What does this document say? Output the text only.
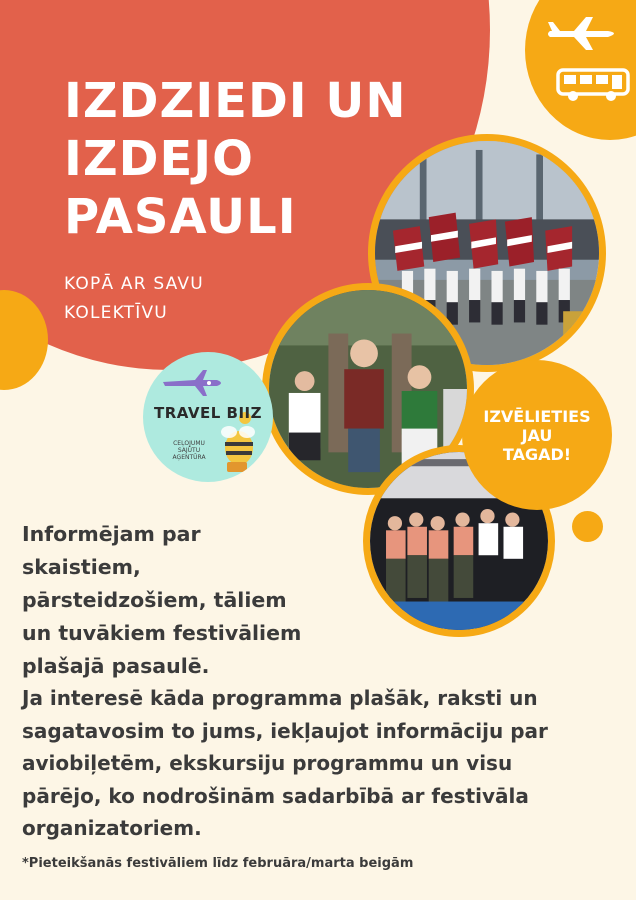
IZDZIEDI UN
IZDEJO
PASAULI
KOPĀ AR SAVU
KOLEKTĪVU
IZVĒLIETIES
JAU
TAGAD!
TRAVEL BIIZ
CEĻOJUMU
SAJŪTU
AĢENTŪRA
Informējam par
skaistiem,
pārsteidzošiem, tāliem
un tuvākiem festivāliem
plašajā pasaulē.
Ja interesē kāda programma plašāk, raksti un
sagatavosim to jums, iekļaujot informāciju par
aviobiļetēm, ekskursiju programmu un visu
pārējo, ko nodrošinām sadarbībā ar festivāla
organizatoriem.
*Pieteikšanās festivāliem līdz februāra/marta beigām
